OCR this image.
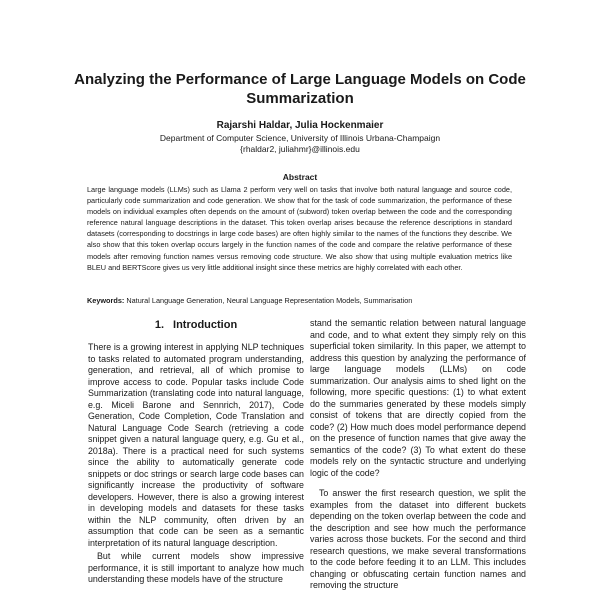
Analyzing the Performance of Large Language Models on Code Summarization
Rajarshi Haldar, Julia Hockenmaier
Department of Computer Science, University of Illinois Urbana-Champaign
{rhaldar2, juliahmr}@illinois.edu
Abstract
Large language models (LLMs) such as Llama 2 perform very well on tasks that involve both natural language and source code, particularly code summarization and code generation. We show that for the task of code summarization, the performance of these models on individual examples often depends on the amount of (subword) token overlap between the code and the corresponding reference natural language descriptions in the dataset. This token overlap arises because the reference descriptions in standard datasets (corresponding to docstrings in large code bases) are often highly similar to the names of the functions they describe. We also show that this token overlap occurs largely in the function names of the code and compare the relative performance of these models after removing function names versus removing code structure. We also show that using multiple evaluation metrics like BLEU and BERTScore gives us very little additional insight since these metrics are highly correlated with each other.
Keywords: Natural Language Generation, Neural Language Representation Models, Summarisation
1. Introduction

There is a growing interest in applying NLP techniques to tasks related to automated program understanding, generation, and retrieval, all of which promise to improve access to code. Popular tasks include Code Summarization (translating code into natural language, e.g. Miceli Barone and Sennrich, 2017), Code Generation, Code Completion, Code Translation and Natural Language Code Search (retrieving a code snippet given a natural language query, e.g. Gu et al., 2018a). There is a practical need for such systems since the ability to automatically generate code snippets or doc strings or search large code bases can significantly increase the productivity of software developers. However, there is also a growing interest in developing models and datasets for these tasks within the NLP community, often driven by an assumption that code can be seen as a semantic interpretation of its natural language description.

But while current models show impressive performance, it is still important to analyze how much understanding these models have of the structure

stand the semantic relation between natural language and code, and to what extent they simply rely on this superficial token similarity. In this paper, we attempt to address this question by analyzing the performance of large language models (LLMs) on code summarization. Our analysis aims to shed light on the following, more specific questions: (1) to what extent do the summaries generated by these models simply consist of tokens that are directly copied from the code? (2) How much does model performance depend on the presence of function names that give away the semantics of the code? (3) To what extent do these models rely on the syntactic structure and underlying logic of the code?

To answer the first research question, we split the examples from the dataset into different buckets depending on the token overlap between the code and the description and see how much the performance varies across those buckets. For the second and third research questions, we make several transformations to the code before feeding it to an LLM. This includes changing or obfuscating certain function names and removing the structure
